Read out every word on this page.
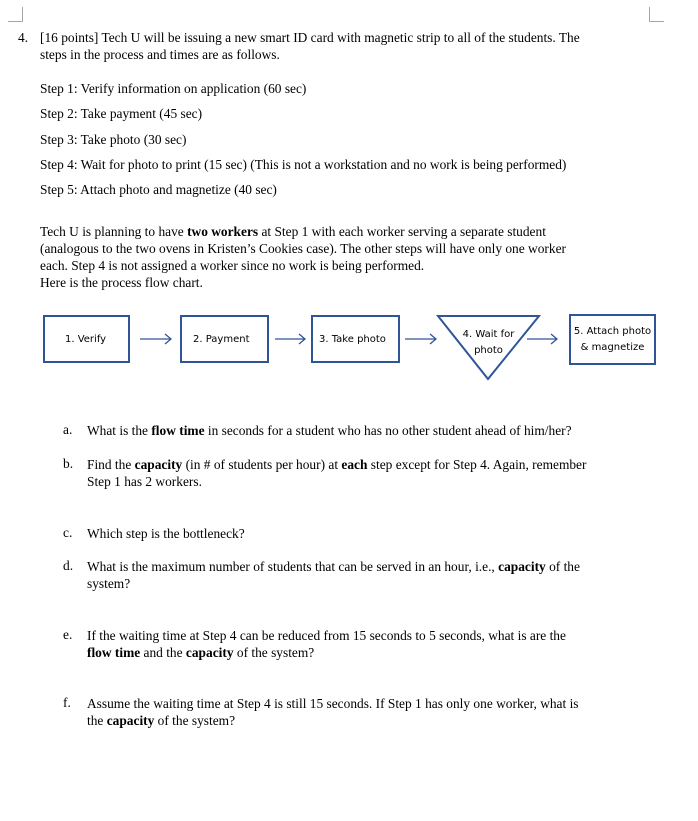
4. [16 points] Tech U will be issuing a new smart ID card with magnetic strip to all of the students. The
steps in the process and times are as follows.
Step 1: Verify information on application (60 sec)
Step 2: Take payment (45 sec)
Step 3: Take photo (30 sec)
Step 4: Wait for photo to print (15 sec) (This is not a workstation and no work is being performed)
Step 5: Attach photo and magnetize (40 sec)
Tech U is planning to have two workers at Step 1 with each worker serving a separate student
(analogous to the two ovens in Kristen’s Cookies case). The other steps will have only one worker
each. Step 4 is not assigned a worker since no work is being performed.
Here is the process flow chart.
1. Verify	2. Payment	3. Take photo
5. Attach photo
& magnetize
4. Wait for
photo
a. What is the flow time in seconds for a student who has no other student ahead of him/her?
b. Find the capacity (in # of students per hour) at each step except for Step 4. Again, remember
Step 1 has 2 workers.
c. Which step is the bottleneck?
d. What is the maximum number of students that can be served in an hour, i.e., capacity of the
system?
e. If the waiting time at Step 4 can be reduced from 15 seconds to 5 seconds, what is are the
flow time and the capacity of the system?
f. Assume the waiting time at Step 4 is still 15 seconds. If Step 1 has only one worker, what is
the capacity of the system?
